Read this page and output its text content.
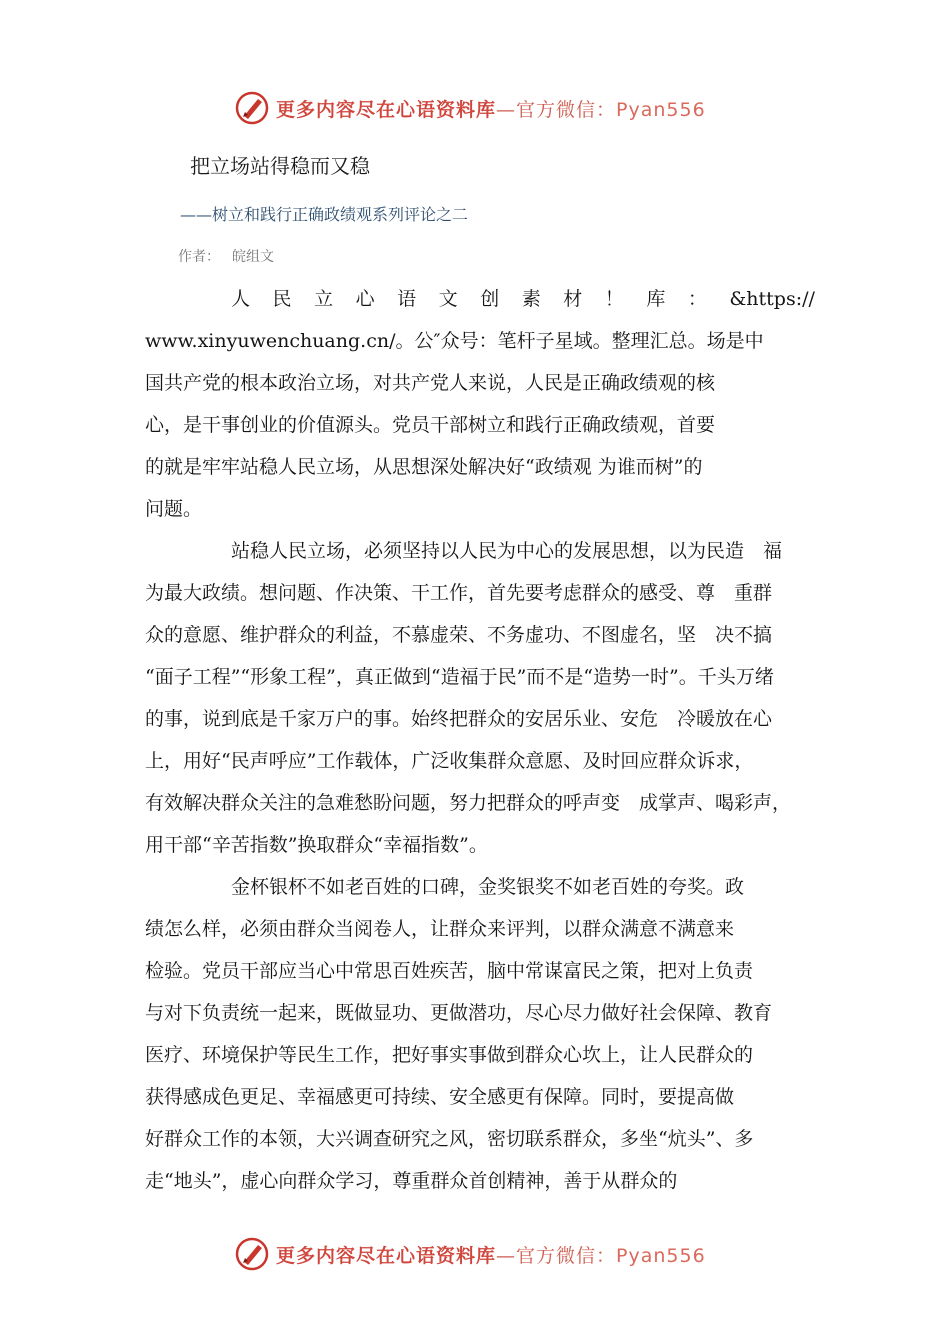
更多内容尽在心语资料库—官方微信：Pyan556
把立场站得稳而又稳
——树立和践行正确政绩观系列评论之二
作者： 皖组文
人 民 立 心 语 文 创 素 材 ！ 库 ： &https://
www.xinyuwenchuang.cn/。公″众号：笔杆子星域。整理汇总。场是中
国共产党的根本政治立场，对共产党人来说，人民是正确政绩观的核
心，是干事创业的价值源头。党员干部树立和践行正确政绩观，首要
的就是牢牢站稳人民立场，从思想深处解决好“政绩观 为谁而树”的
问题。
站稳人民立场，必须坚持以人民为中心的发展思想，以为民造　福
为最大政绩。想问题、作决策、干工作，首先要考虑群众的感受、尊　重群
众的意愿、维护群众的利益，不慕虚荣、不务虚功、不图虚名，坚　决不搞
“面子工程”“形象工程”，真正做到“造福于民”而不是“造势一时”。千头万绪
的事，说到底是千家万户的事。始终把群众的安居乐业、安危　冷暖放在心
上，用好“民声呼应”工作载体，广泛收集群众意愿、及时回应群众诉求，
有效解决群众关注的急难愁盼问题，努力把群众的呼声变　成掌声、喝彩声，
用干部“辛苦指数”换取群众“幸福指数”。
金杯银杯不如老百姓的口碑，金奖银奖不如老百姓的夸奖。政
绩怎么样，必须由群众当阅卷人，让群众来评判，以群众满意不满意来
检验。党员干部应当心中常思百姓疾苦，脑中常谋富民之策，把对上负责
与对下负责统一起来，既做显功、更做潜功，尽心尽力做好社会保障、教育
医疗、环境保护等民生工作，把好事实事做到群众心坎上，让人民群众的
获得感成色更足、幸福感更可持续、安全感更有保障。同时，要提高做
好群众工作的本领，大兴调查研究之风，密切联系群众，多坐“炕头”、多
走“地头”，虚心向群众学习，尊重群众首创精神，善于从群众的
更多内容尽在心语资料库—官方微信：Pyan556
